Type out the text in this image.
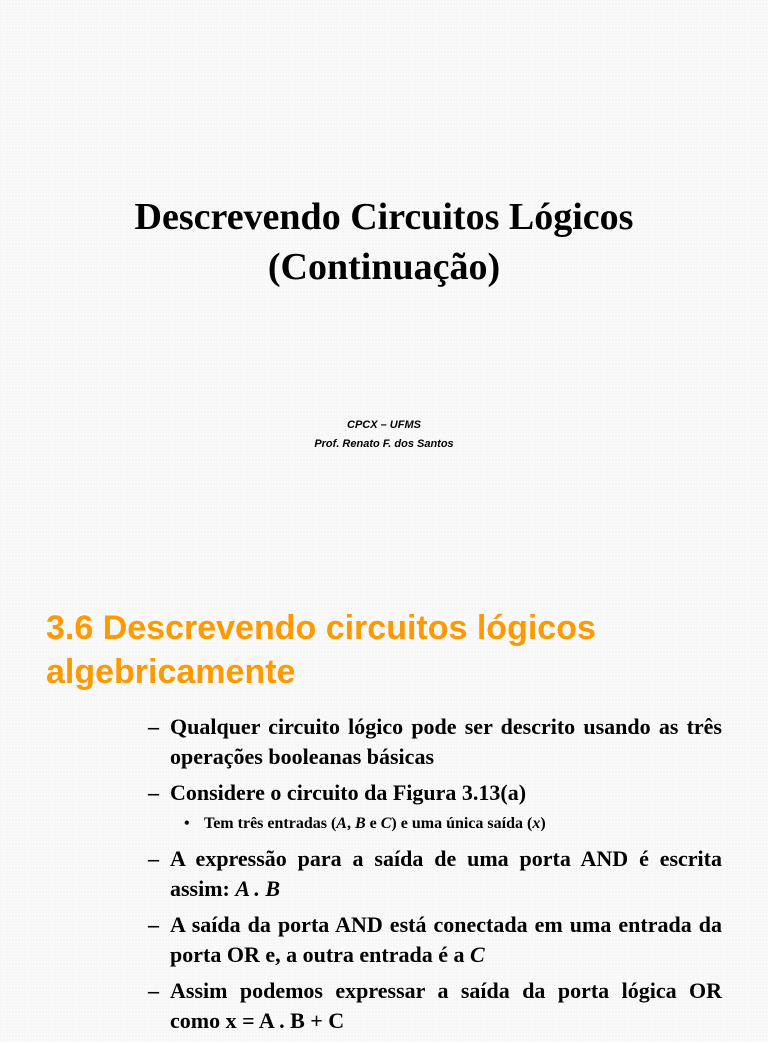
Descrevendo Circuitos Lógicos
(Continuação)
CPCX – UFMS
Prof. Renato F. dos Santos
3.6 Descrevendo circuitos lógicos
algebricamente
– Qualquer circuito lógico pode ser descrito usando as três operações booleanas básicas
– Considere o circuito da Figura 3.13(a)
• Tem três entradas (A, B e C) e uma única saída (x)
– A expressão para a saída de uma porta AND é escrita assim: A . B
– A saída da porta AND está conectada em uma entrada da porta OR e, a outra entrada é a C
– Assim podemos expressar a saída da porta lógica OR como x = A . B + C
